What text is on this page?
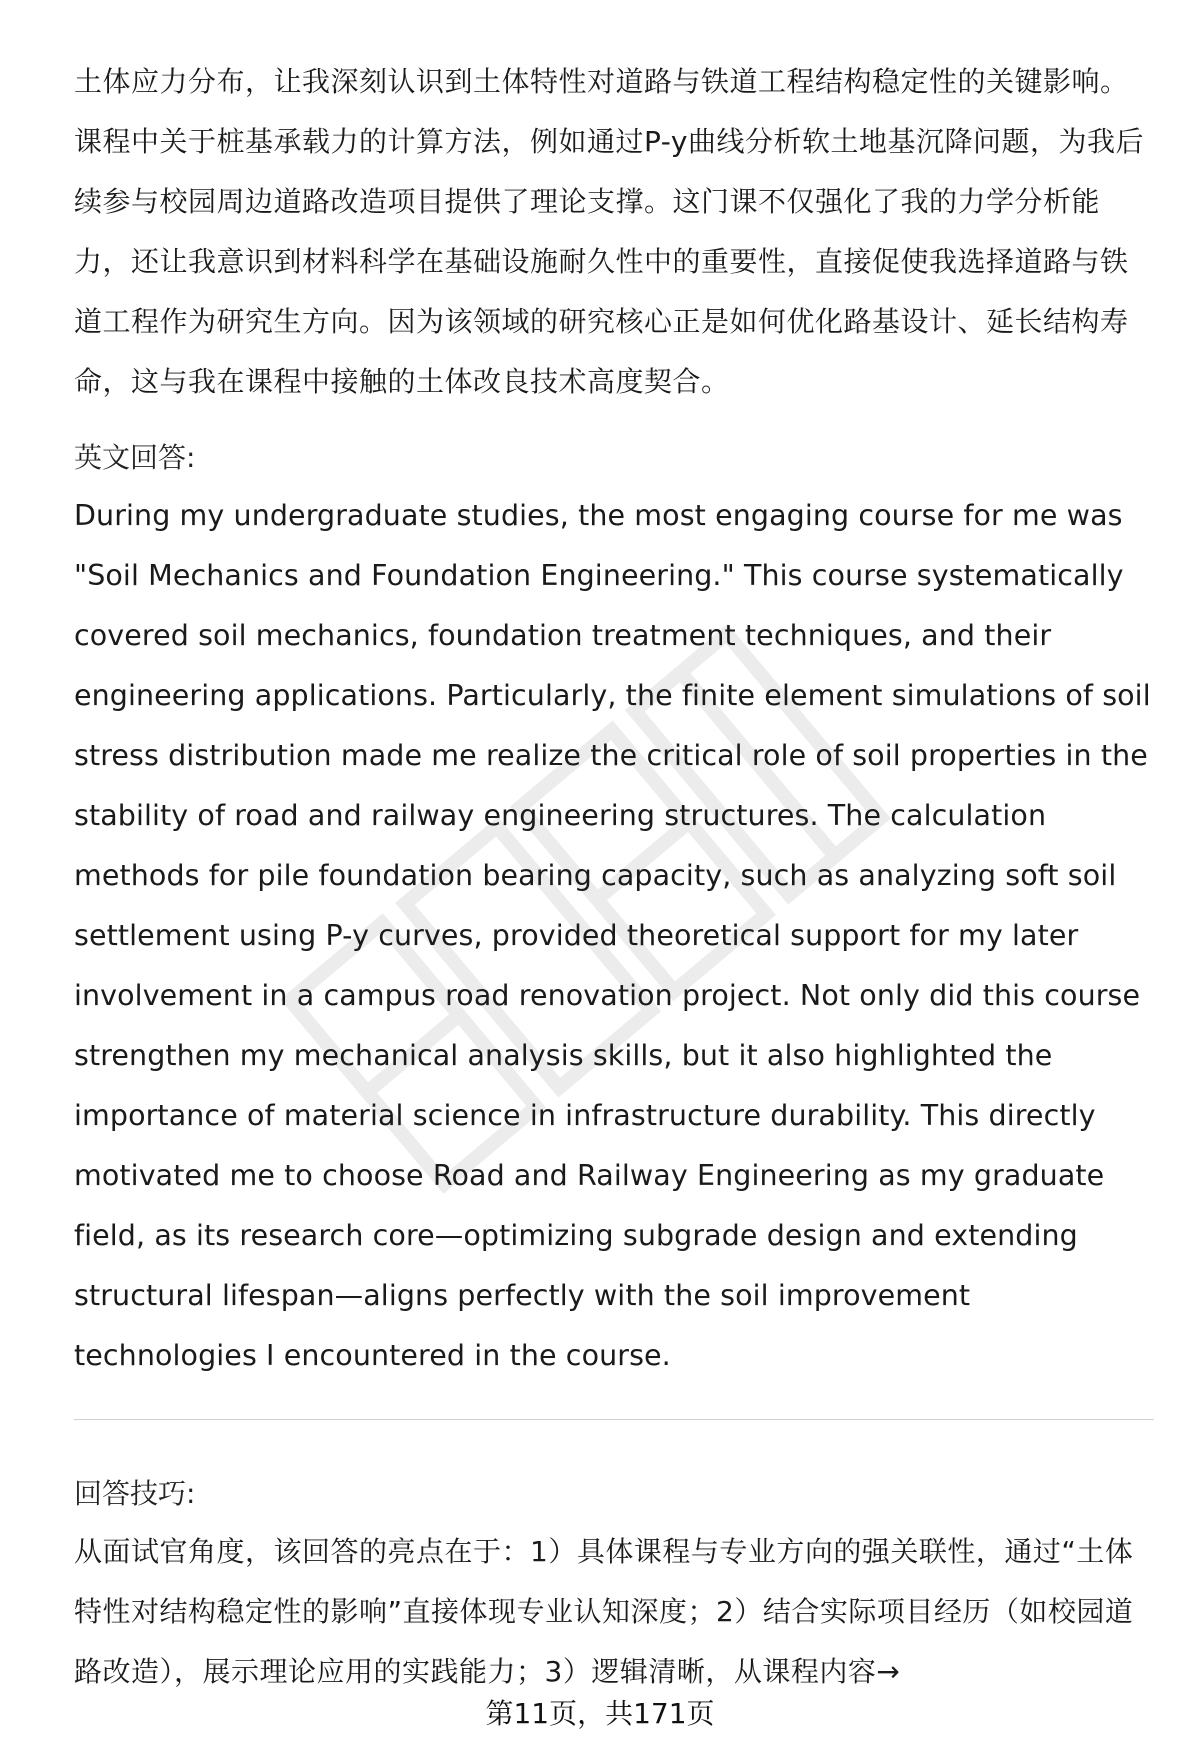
土体应力分布，让我深刻认识到土体特性对道路与铁道工程结构稳定性的关键影响。课程中关于桩基承载力的计算方法，例如通过P-y曲线分析软土地基沉降问题，为我后续参与校园周边道路改造项目提供了理论支撑。这门课不仅强化了我的力学分析能力，还让我意识到材料科学在基础设施耐久性中的重要性，直接促使我选择道路与铁道工程作为研究生方向。因为该领域的研究核心正是如何优化路基设计、延长结构寿命，这与我在课程中接触的土体改良技术高度契合。

英文回答:

During my undergraduate studies, the most engaging course for me was "Soil Mechanics and Foundation Engineering." This course systematically covered soil mechanics, foundation treatment techniques, and their engineering applications. Particularly, the finite element simulations of soil stress distribution made me realize the critical role of soil properties in the stability of road and railway engineering structures. The calculation methods for pile foundation bearing capacity, such as analyzing soft soil settlement using P-y curves, provided theoretical support for my later involvement in a campus road renovation project. Not only did this course strengthen my mechanical analysis skills, but it also highlighted the importance of material science in infrastructure durability. This directly motivated me to choose Road and Railway Engineering as my graduate field, as its research core—optimizing subgrade design and extending structural lifespan—aligns perfectly with the soil improvement technologies I encountered in the course.

回答技巧:

从面试官角度，该回答的亮点在于：1）具体课程与专业方向的强关联性，通过“土体特性对结构稳定性的影响”直接体现专业认知深度；2）结合实际项目经历（如校园道路改造），展示理论应用的实践能力；3）逻辑清晰，从课程内容→

第11页，共171页
